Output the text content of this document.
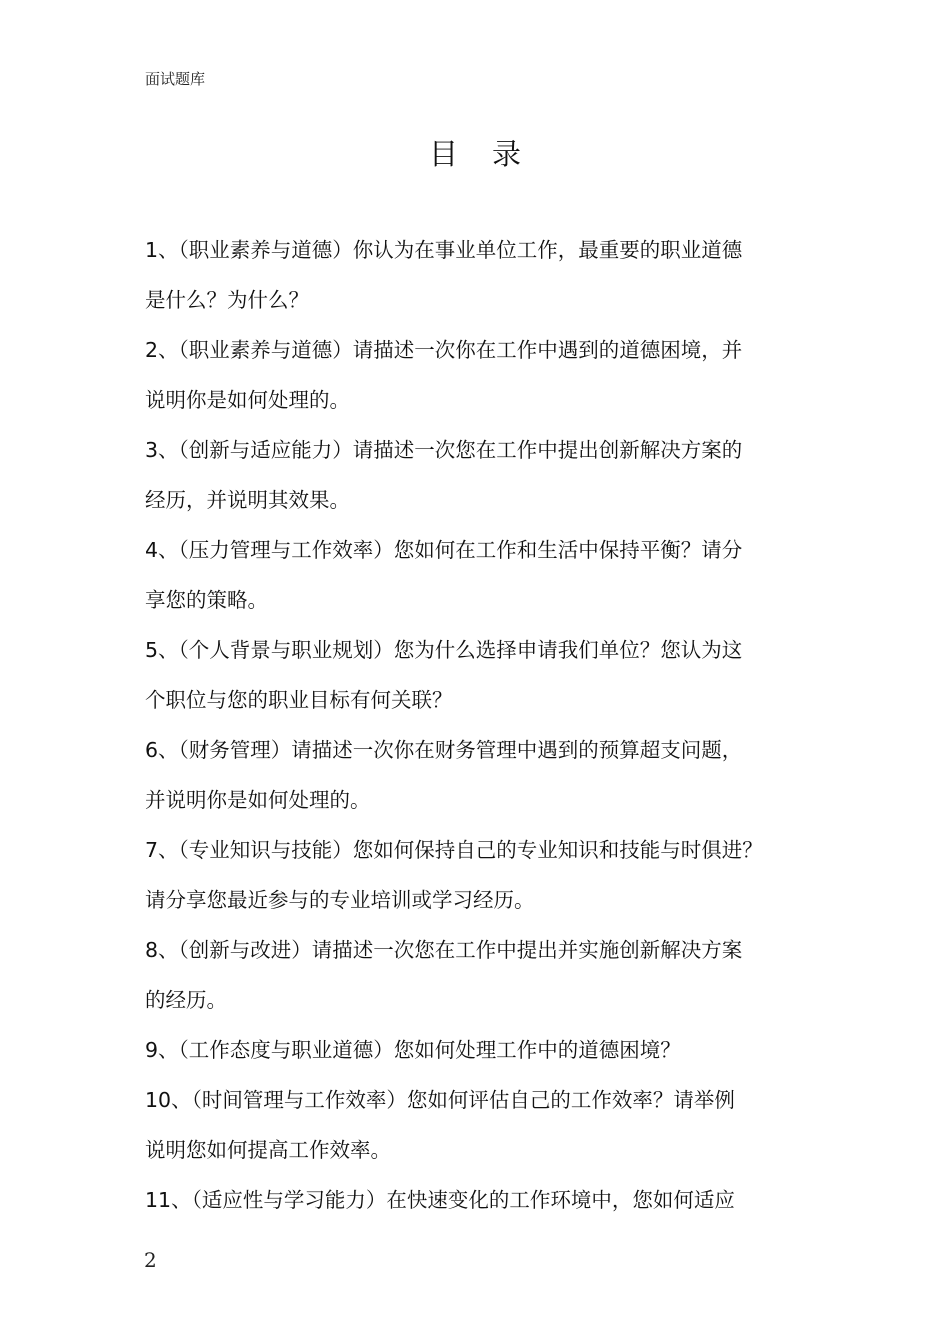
面试题库
目录
1、（职业素养与道德）你认为在事业单位工作，最重要的职业道德
是什么？为什么？
2、（职业素养与道德）请描述一次你在工作中遇到的道德困境，并
说明你是如何处理的。
3、（创新与适应能力）请描述一次您在工作中提出创新解决方案的
经历，并说明其效果。
4、（压力管理与工作效率）您如何在工作和生活中保持平衡？请分
享您的策略。
5、（个人背景与职业规划）您为什么选择申请我们单位？您认为这
个职位与您的职业目标有何关联？
6、（财务管理）请描述一次你在财务管理中遇到的预算超支问题，
并说明你是如何处理的。
7、（专业知识与技能）您如何保持自己的专业知识和技能与时俱进？
请分享您最近参与的专业培训或学习经历。
8、（创新与改进）请描述一次您在工作中提出并实施创新解决方案
的经历。
9、（工作态度与职业道德）您如何处理工作中的道德困境？
10、（时间管理与工作效率）您如何评估自己的工作效率？请举例
说明您如何提高工作效率。
11、（适应性与学习能力）在快速变化的工作环境中，您如何适应
2
